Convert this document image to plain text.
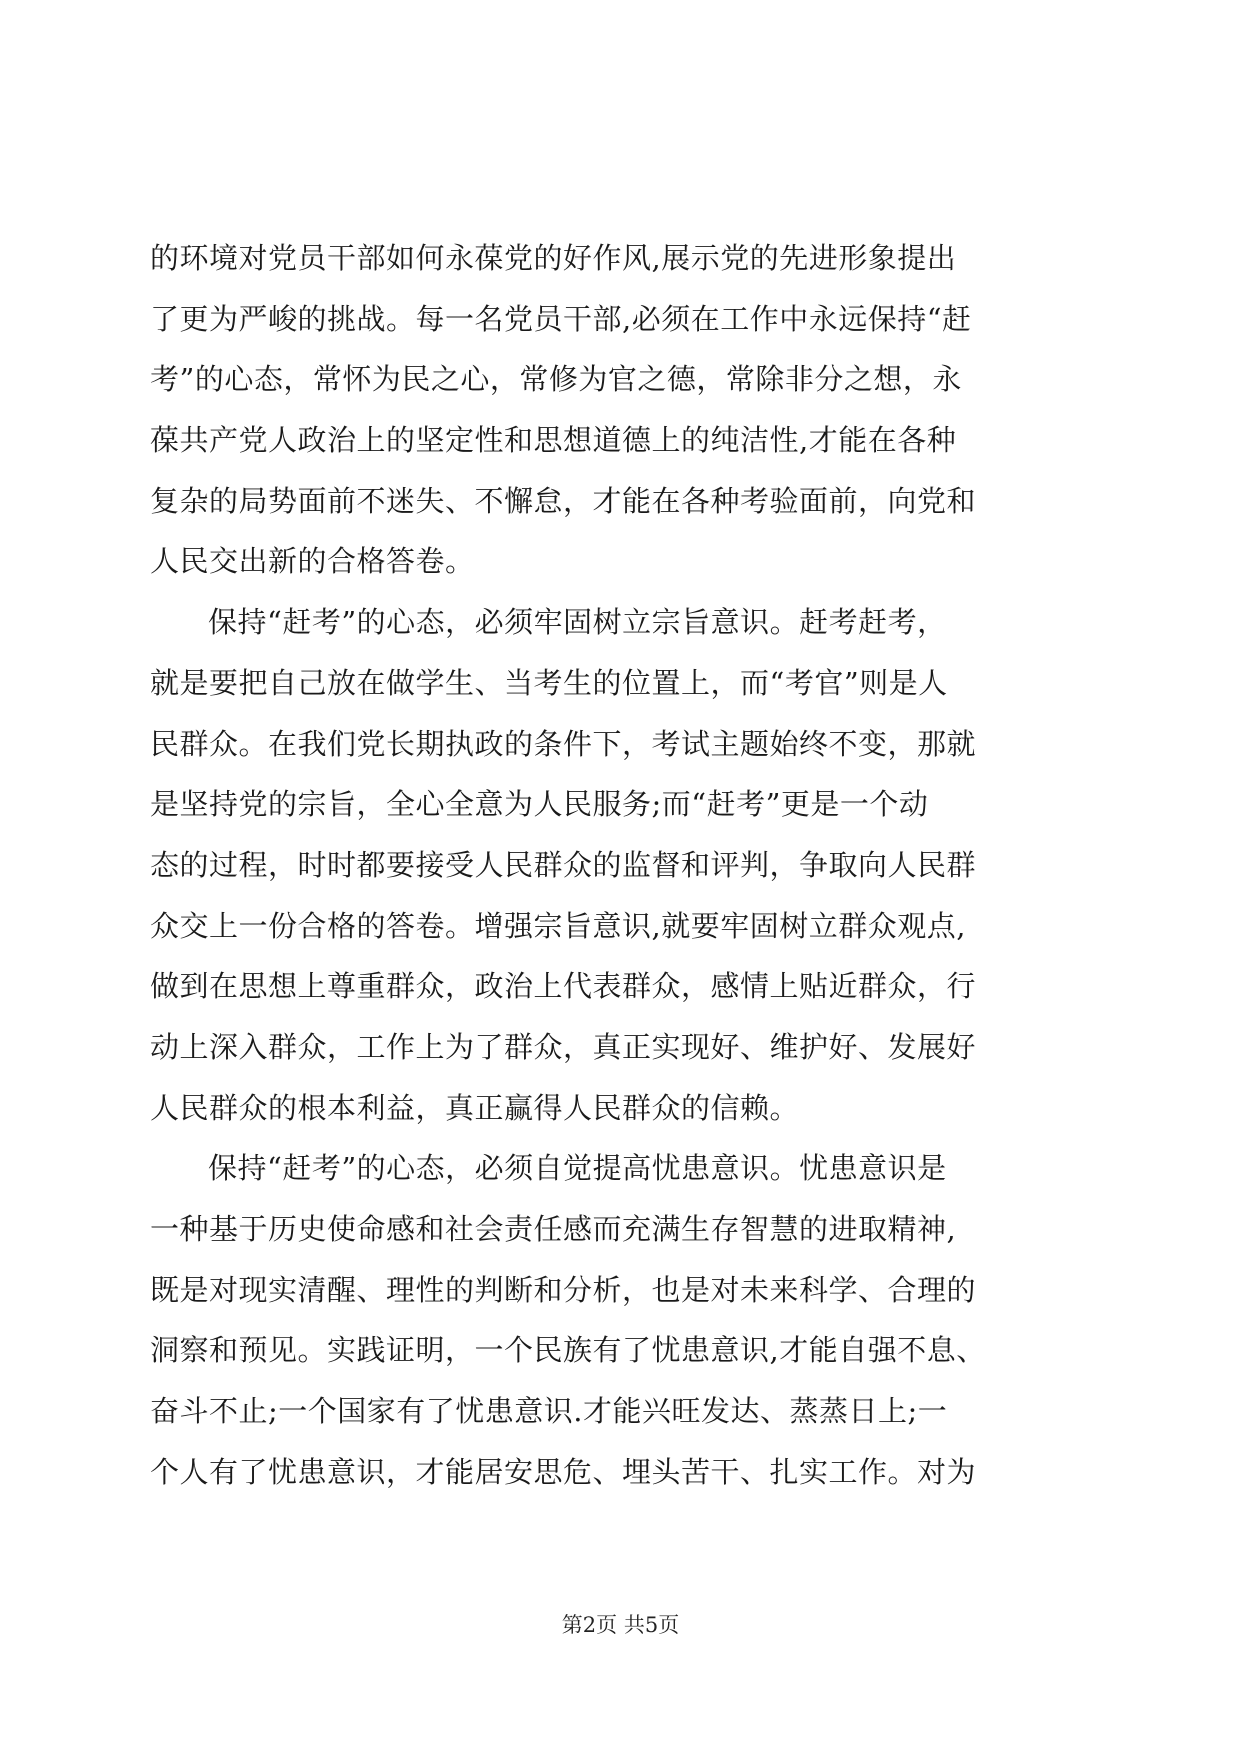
的环境对党员干部如何永葆党的好作风,展示党的先进形象提出
了更为严峻的挑战。每一名党员干部,必须在工作中永远保持“赶
考”的心态，常怀为民之心，常修为官之德，常除非分之想，永
葆共产党人政治上的坚定性和思想道德上的纯洁性,才能在各种
复杂的局势面前不迷失、不懈怠，才能在各种考验面前，向党和
人民交出新的合格答卷。
保持“赶考”的心态，必须牢固树立宗旨意识。赶考赶考，
就是要把自己放在做学生、当考生的位置上，而“考官”则是人
民群众。在我们党长期执政的条件下，考试主题始终不变，那就
是坚持党的宗旨，全心全意为人民服务;而“赶考”更是一个动
态的过程，时时都要接受人民群众的监督和评判，争取向人民群
众交上一份合格的答卷。增强宗旨意识,就要牢固树立群众观点,
做到在思想上尊重群众，政治上代表群众，感情上贴近群众，行
动上深入群众，工作上为了群众，真正实现好、维护好、发展好
人民群众的根本利益，真正赢得人民群众的信赖。
保持“赶考”的心态，必须自觉提高忧患意识。忧患意识是
一种基于历史使命感和社会责任感而充满生存智慧的进取精神,
既是对现实清醒、理性的判断和分析，也是对未来科学、合理的
洞察和预见。实践证明，一个民族有了忧患意识,才能自强不息、
奋斗不止;一个国家有了忧患意识.才能兴旺发达、蒸蒸日上;一
个人有了忧患意识，才能居安思危、埋头苦干、扎实工作。对为
第2页 共5页
